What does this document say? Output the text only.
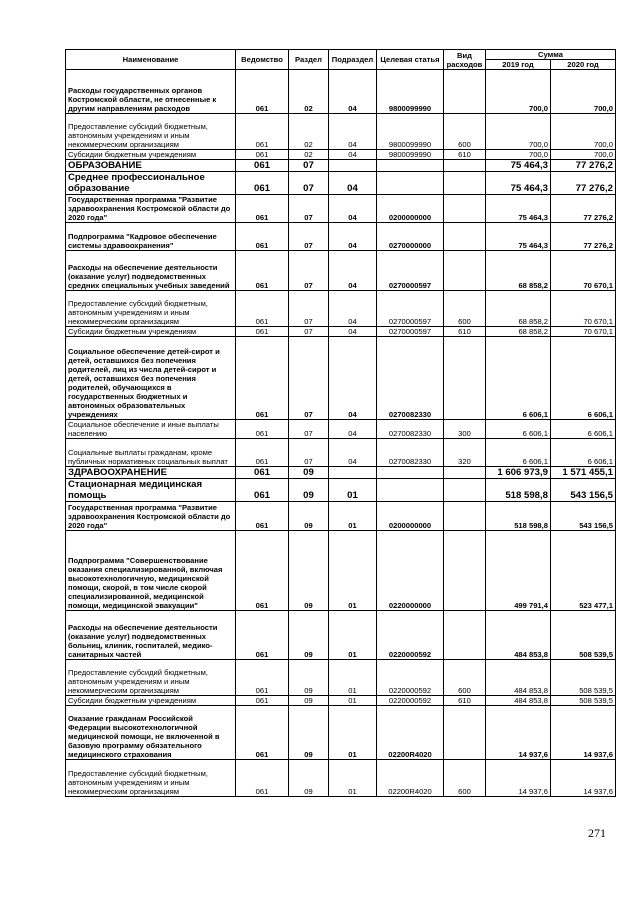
Наименование	Ведомство	Раздел	Подраздел	Целевая статья	Вид расходов	Сумма	
						2019 год	2020 год
Расходы государственных органов Костромской области, не отнесенные к другим направлениям расходов	061	02	04	9800099990		700,0	700,0
Предоставление субсидий бюджетным, автономным учреждениям и иным некоммерческим организациям	061	02	04	9800099990	600	700,0	700,0
Субсидии бюджетным учреждениям	061	02	04	9800099990	610	700,0	700,0
ОБРАЗОВАНИЕ	061	07				75 464,3	77 276,2
Среднее профессиональное образование	061	07	04			75 464,3	77 276,2
Государственная программа "Развитие здравоохранения Костромской области до 2020 года"	061	07	04	0200000000		75 464,3	77 276,2
Подпрограмма "Кадровое обеспечение системы здравоохранения"	061	07	04	0270000000		75 464,3	77 276,2
Расходы на обеспечение деятельности (оказание услуг) подведомственных средних специальных учебных заведений	061	07	04	0270000597		68 858,2	70 670,1
Предоставление субсидий бюджетным, автономным учреждениям и иным некоммерческим организациям	061	07	04	0270000597	600	68 858,2	70 670,1
Субсидии бюджетным учреждениям	061	07	04	0270000597	610	68 858,2	70 670,1
Социальное обеспечение детей-сирот и детей, оставшихся без попечения родителей, лиц из числа детей-сирот и детей, оставшихся без попечения родителей, обучающихся в государственных бюджетных и автономных образовательных учреждениях	061	07	04	0270082330		6 606,1	6 606,1
Социальное обеспечение и иные выплаты населению	061	07	04	0270082330	300	6 606,1	6 606,1
Социальные выплаты гражданам, кроме публичных нормативных социальных выплат	061	07	04	0270082330	320	6 606,1	6 606,1
ЗДРАВООХРАНЕНИЕ	061	09				1 606 973,9	1 571 455,1
Стационарная медицинская помощь	061	09	01			518 598,8	543 156,5
Государственная программа "Развитие здравоохранения Костромской области до 2020 года"	061	09	01	0200000000		518 598,8	543 156,5
Подпрограмма "Совершенствование оказания специализированной, включая высокотехнологичную, медицинской помощи, скорой, в том числе скорой специализированной, медицинской помощи, медицинской эвакуации"	061	09	01	0220000000		499 791,4	523 477,1
Расходы на обеспечение деятельности (оказание услуг) подведомственных больниц, клиник, госпиталей, медико-санитарных частей	061	09	01	0220000592		484 853,8	508 539,5
Предоставление субсидий бюджетным, автономным учреждениям и иным некоммерческим организациям	061	09	01	0220000592	600	484 853,8	508 539,5
Субсидии бюджетным учреждениям	061	09	01	0220000592	610	484 853,8	508 539,5
Оказание гражданам Российской Федерации высокотехнологичной медицинской помощи, не включенной в базовую программу обязательного медицинского страхования	061	09	01	02200R4020		14 937,6	14 937,6
Предоставление субсидий бюджетным, автономным учреждениям и иным некоммерческим организациям	061	09	01	02200R4020	600	14 937,6	14 937,6
271
